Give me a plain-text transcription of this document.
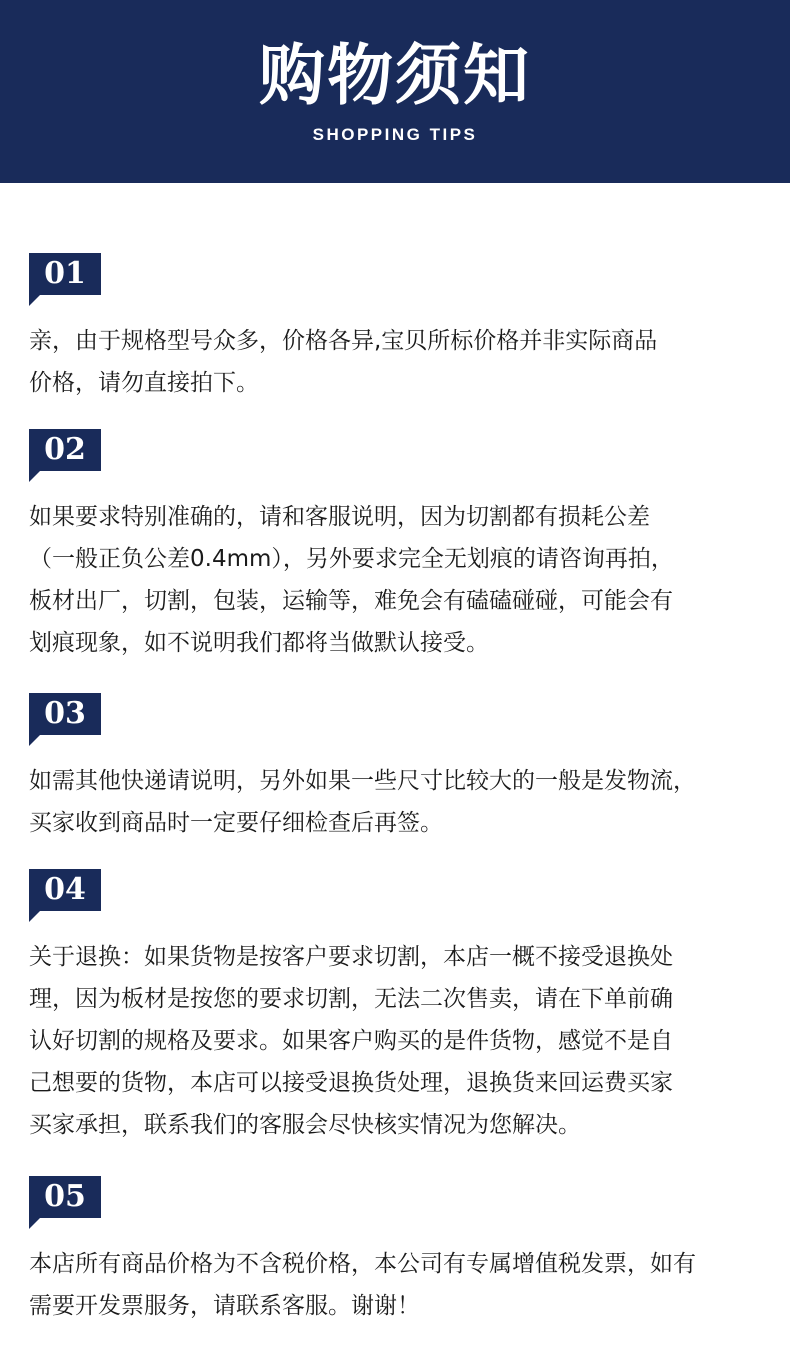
购物须知
SHOPPING TIPS
01

亲，由于规格型号众多，价格各异,宝贝所标价格并非实际商品
价格，请勿直接拍下。

02

如果要求特别准确的，请和客服说明，因为切割都有损耗公差
（一般正负公差0.4mm），另外要求完全无划痕的请咨询再拍，
板材出厂，切割，包装，运输等，难免会有磕磕碰碰，可能会有
划痕现象，如不说明我们都将当做默认接受。

03

如需其他快递请说明，另外如果一些尺寸比较大的一般是发物流，
买家收到商品时一定要仔细检查后再签。

04

关于退换：如果货物是按客户要求切割，本店一概不接受退换处
理，因为板材是按您的要求切割，无法二次售卖，请在下单前确
认好切割的规格及要求。如果客户购买的是件货物，感觉不是自
己想要的货物，本店可以接受退换货处理，退换货来回运费买家
买家承担，联系我们的客服会尽快核实情况为您解决。

05

本店所有商品价格为不含税价格，本公司有专属增值税发票，如有
需要开发票服务，请联系客服。谢谢！
